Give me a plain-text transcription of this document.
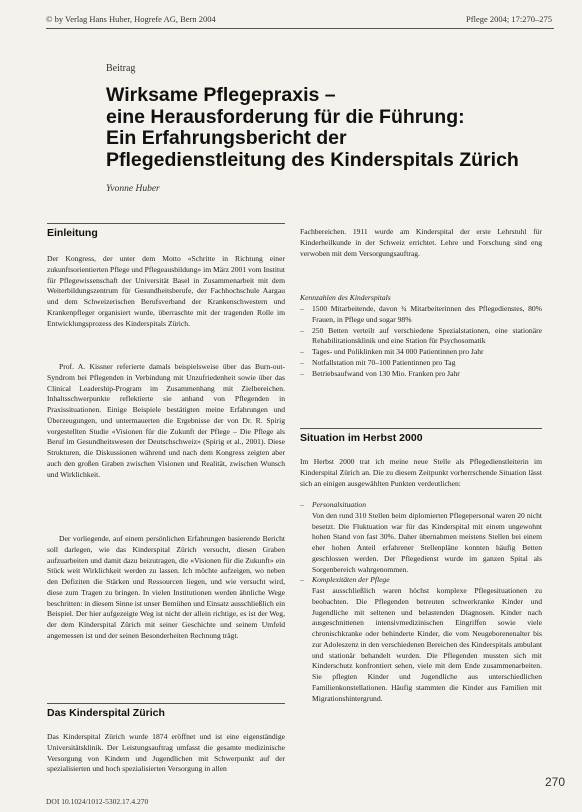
© by Verlag Hans Huber, Hogrefe AG, Bern 2004	Pflege 2004; 17:270–275
Beitrag
Wirksame Pflegepraxis –
eine Herausforderung für die Führung:
Ein Erfahrungsbericht der
Pflegedienstleitung des Kinderspitals Zürich
Yvonne Huber
Einleitung

Der Kongress, der unter dem Motto «Schritte in Richtung einer zukunftsorientierten Pflege und Pflegeausbildung» im März 2001 vom Institut für Pflegewissenschaft der Universität Basel in Zusammenarbeit mit dem Weiterbildungszentrum für Gesundheitsberufe, der Fachhochschule Aargau und dem Schweizerischen Berufsverband der Krankenschwestern und Krankenpfleger organisiert wurde, überraschte mit der tragenden Rolle im Entwicklungsprozess des Kinderspitals Zürich.

Prof. A. Kissner referierte damals beispielsweise über das Burn-out-Syndrom bei Pflegenden in Verbindung mit Unzufriedenheit sowie über das Clinical Leadership-Program im Zusammenhang mit Zielbereichen. Inhaltsschwerpunkte reflektierte sie anhand von Pflegenden in Praxissituationen. Einige Beispiele bestätigten meine Erfahrungen und Überzeugungen, und untermauerten die Ergebnisse der von Dr. R. Spirig vorgestellten Studie «Visionen für die Zukunft der Pflege – Die Pflege als Beruf im Gesundheitswesen der Deutschschweiz» (Spirig et al., 2001). Diese Strukturen, die Diskussionen während und nach dem Kongress zeigten aber auch den großen Graben zwischen Visionen und Realität, zwischen Wunsch und Wirklichkeit.

Der vorliegende, auf einem persönlichen Erfahrungen basierende Bericht soll darlegen, wie das Kinderspital Zürich versucht, diesen Graben aufzuarbeiten und damit dazu beizutragen, die «Visionen für die Zukunft» ein Stück weit Wirklichkeit werden zu lassen. Ich möchte aufzeigen, wo neben den Defiziten die Stärken und Ressourcen liegen, und wie versucht wird, diese zum Tragen zu bringen. In vielen Institutionen werden ähnliche Wege beschritten: in diesem Sinne ist unser Bemühen und Einsatz ausschließlich ein Beispiel. Der hier aufgezeigte Weg ist nicht der allein richtige, es ist der Weg, der dem Kinderspital Zürich mit seiner Geschichte und seinem Umfeld angemessen ist und der seinen Besonderheiten Rechnung trägt.

Das Kinderspital Zürich

Das Kinderspital Zürich wurde 1874 eröffnet und ist eine eigenständige Universitätsklinik. Der Leistungsauftrag umfasst die gesamte medizinische Versorgung von Kindern und Jugendlichen mit Schwerpunkt auf der spezialisierten und hoch spezialisierten Versorgung in allen

Fachbereichen. 1911 wurde am Kinderspital der erste Lehrstuhl für Kinderheilkunde in der Schweiz errichtet. Lehre und Forschung sind eng verwoben mit dem Versorgungsauftrag.

Kennzahlen des Kinderspitals
– 1500 Mitarbeitende, davon ¾ Mitarbeiterinnen des Pflegedienstes, 80% Frauen, in Pflege und sogar 98%
– 250 Betten verteilt auf verschiedene Spezialstationen, eine stationäre Rehabilitationsklinik und eine Station für Psychosomatik
– Tages- und Poliklinken mit 34 000 Patientinnen pro Jahr
– Notfallstation mit 70–100 Patientinnen pro Tag
– Betriebsaufwand von 130 Mio. Franken pro Jahr
Situation im Herbst 2000

Im Herbst 2000 trat ich meine neue Stelle als Pflegedienstleiterin im Kinderspital Zürich an. Die zu diesem Zeitpunkt vorherrschende Situation lässt sich an einigen ausgewählten Punkten verdeutlichen:

– Personalsituation
Von den rund 310 Stellen beim diplomierten Pflegepersonal waren 20 nicht besetzt. Die Fluktuation war für das Kinderspital mit einem ungewohnt hohen Stand von fast 30%. Daher übernahmen meistens Stellen bei einem eher hohen Anteil erfahrener Stellenpläne konnten häufig Betten geschlossen werden. Der Pflegedienst wurde im ganzen Spital als Sorgenbereich wahrgenommen.
– Komplexitäten der Pflege
Fast ausschließlich waren höchst komplexe Pflegesituationen zu beobachten. Die Pflegenden betreuten schwerkranke Kinder und Jugendliche mit seltenen und belastenden Diagnosen. Kinder nach ausgeschnittenen intensivmedizinischen Eingriffen sowie viele chronischkranke oder behinderte Kinder, die vom Neugeborenenalter bis zur Adoleszenz in den verschiedenen Bereichen des Kinderspitals ambulant und stationär behandelt wurden. Die Pflegenden mussten sich mit Kinderschutz konfrontiert sehen, viele mit dem Ende zusammenarbeiten. Sie pflegten Kinder und Jugendliche aus unterschiedlichen Familienkonstellationen. Häufig stammten die Kinder aus Familien mit Migrationshintergrund.
270
DOI 10.1024/1012-5302.17.4.270
